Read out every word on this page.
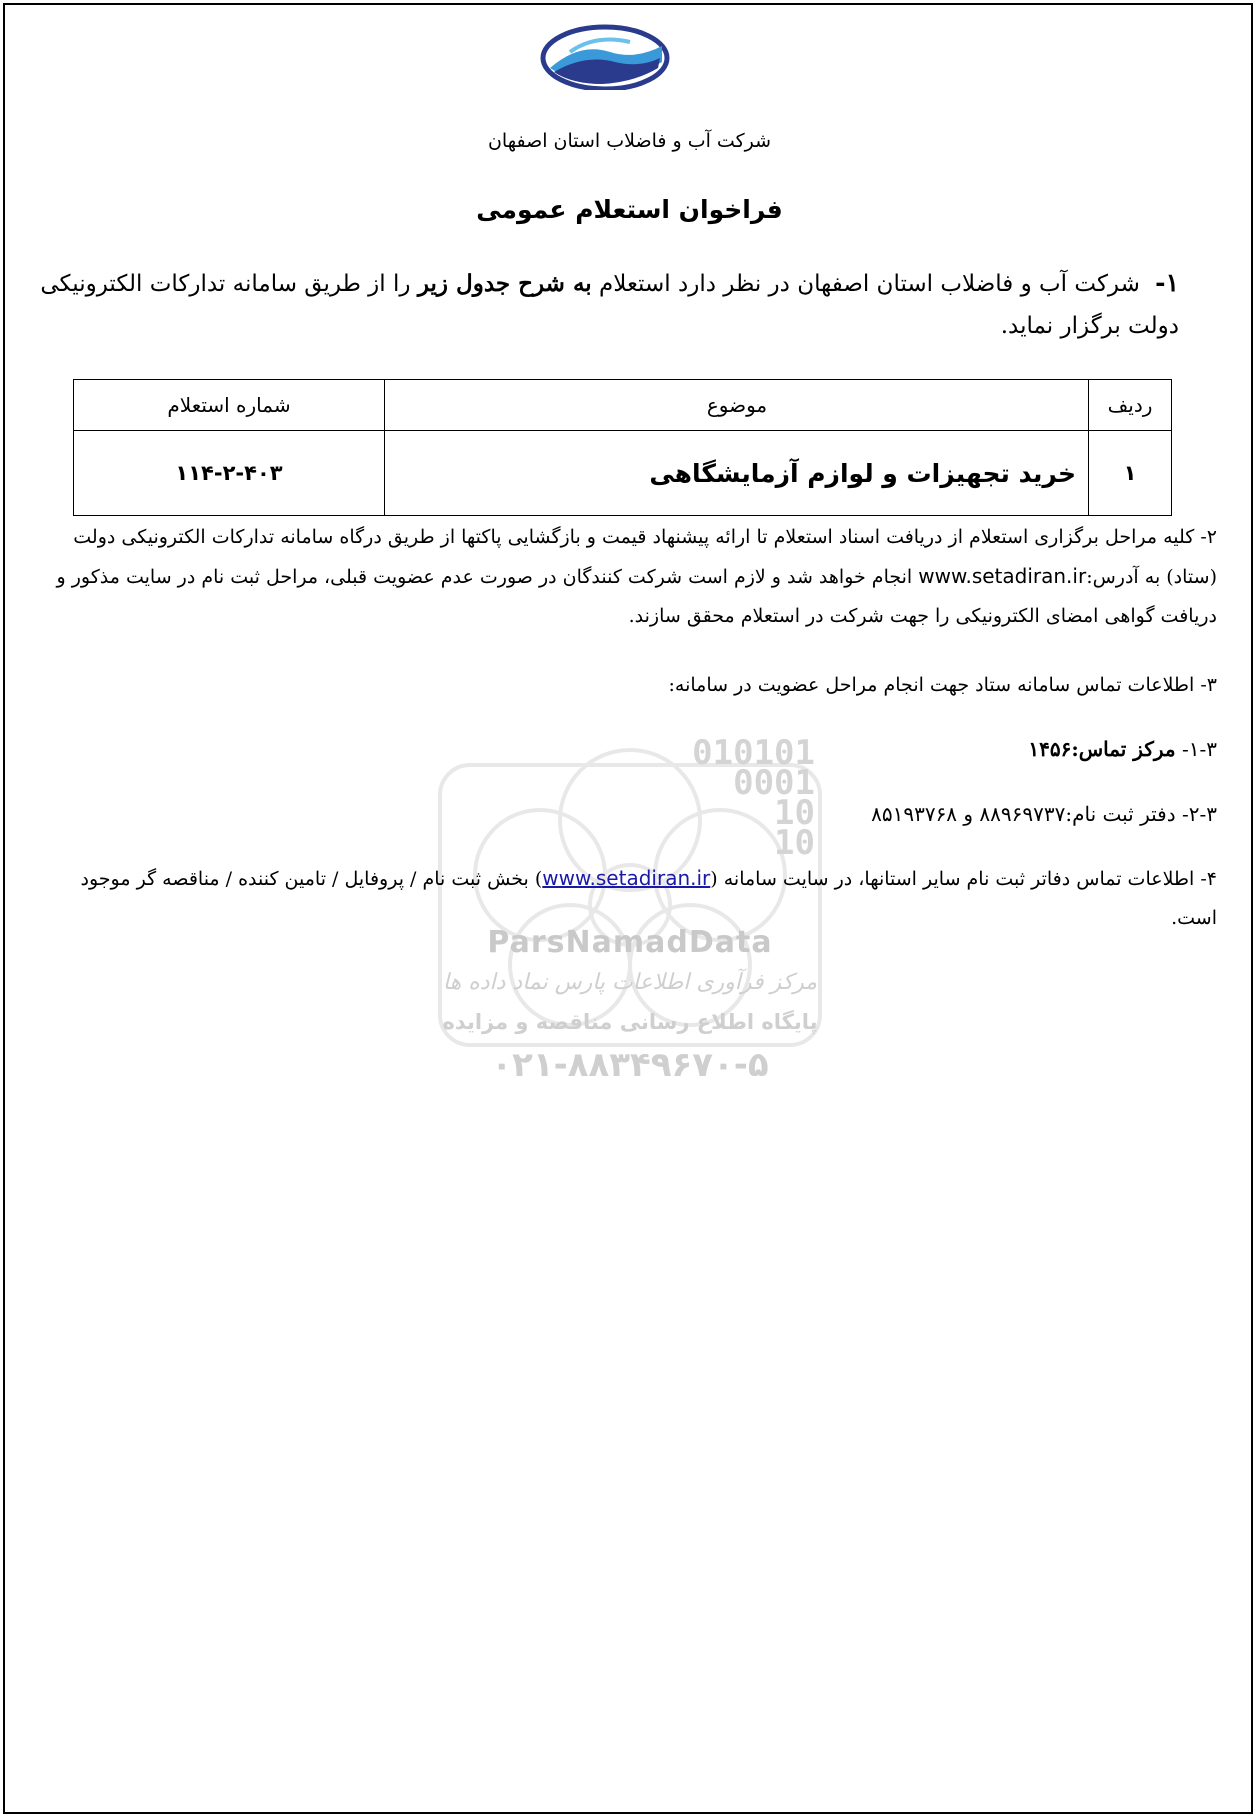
شرکت آب و فاضلاب استان اصفهان
فراخوان استعلام عمومی
۱- شرکت آب و فاضلاب استان اصفهان در نظر دارد استعلام به شرح جدول زیر را از طریق سامانه تدارکات الکترونیکی دولت برگزار نماید.
ردیف	موضوع	شماره استعلام
۱	خرید تجهیزات و لوازم آزمایشگاهی	۱۱۴-۲-۴۰۳
۲- کلیه مراحل برگزاری استعلام از دریافت اسناد استعلام تا ارائه پیشنهاد قیمت و بازگشایی پاکتها از طریق درگاه سامانه تدارکات الکترونیکی دولت (ستاد) به آدرس:www.setadiran.ir انجام خواهد شد و لازم است شرکت کنندگان در صورت عدم عضویت قبلی، مراحل ثبت نام در سایت مذکور و دریافت گواهی امضای الکترونیکی را جهت شرکت در استعلام محقق سازند.
۳- اطلاعات تماس سامانه ستاد جهت انجام مراحل عضویت در سامانه:
۱-۳- مرکز تماس:۱۴۵۶
۲-۳- دفتر ثبت نام:۸۸۹۶۹۷۳۷ و ۸۵۱۹۳۷۶۸
010101
0001
10
10
ParsNamadData
مرکز فرآوری اطلاعات پارس نماد داده ها
پایگاه اطلاع رسانی مناقصه و مزایده
۰۲۱-۸۸۳۴۹۶۷۰-۵
۴- اطلاعات تماس دفاتر ثبت نام سایر استانها، در سایت سامانه (www.setadiran.ir) بخش ثبت نام / پروفایل / تامین کننده / مناقصه گر موجود است.
